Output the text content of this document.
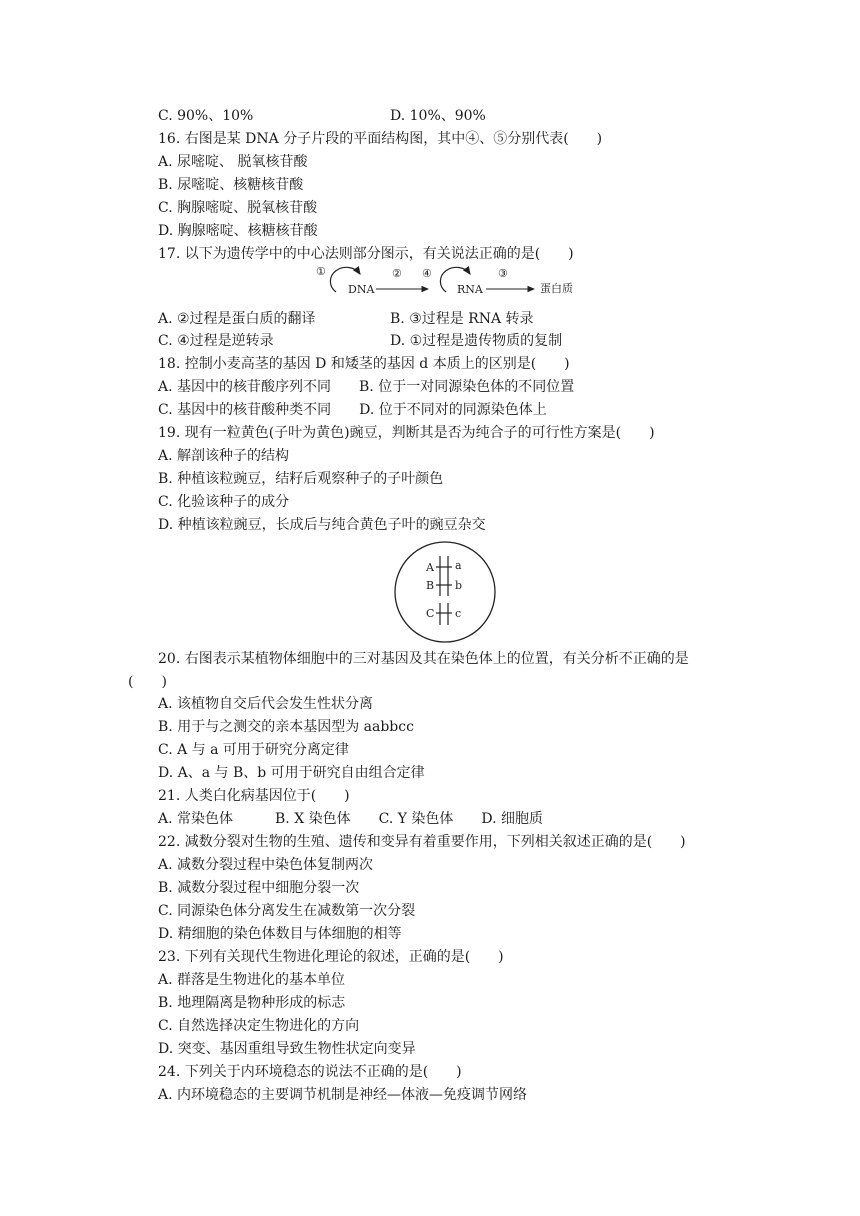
C. 90%、10%	D. 10%、90%
16. 右图是某 DNA 分子片段的平面结构图，其中④、⑤分别代表(　　)
A. 尿嘧啶、 脱氧核苷酸
B. 尿嘧啶、核糖核苷酸
C. 胸腺嘧啶、脱氧核苷酸
D. 胸腺嘧啶、核糖核苷酸
17. 以下为遗传学中的中心法则部分图示，有关说法正确的是(　　)
①
DNA
② ④
RNA
③
蛋白质
A. ②过程是蛋白质的翻译	B. ③过程是 RNA 转录
C. ④过程是逆转录	D. ①过程是遗传物质的复制
18. 控制小麦高茎的基因 D 和矮茎的基因 d 本质上的区别是(　　)
A. 基因中的核苷酸序列不同　　B. 位于一对同源染色体的不同位置
C. 基因中的核苷酸种类不同　　D. 位于不同对的同源染色体上
19. 现有一粒黄色(子叶为黄色)豌豆，判断其是否为纯合子的可行性方案是(　　)
A. 解剖该种子的结构
B. 种植该粒豌豆，结籽后观察种子的子叶颜色
C. 化验该种子的成分
D. 种植该粒豌豆，长成后与纯合黄色子叶的豌豆杂交
A a
B b
C c
20. 右图表示某植物体细胞中的三对基因及其在染色体上的位置，有关分析不正确的是
(　　)
A. 该植物自交后代会发生性状分离
B. 用于与之测交的亲本基因型为 aabbcc
C. A 与 a 可用于研究分离定律
D. A、a 与 B、b 可用于研究自由组合定律
21. 人类白化病基因位于(　　)
A. 常染色体　　　B. X 染色体　　C. Y 染色体　　D. 细胞质
22. 减数分裂对生物的生殖、遗传和变异有着重要作用，下列相关叙述正确的是(　　)
A. 减数分裂过程中染色体复制两次
B. 减数分裂过程中细胞分裂一次
C. 同源染色体分离发生在减数第一次分裂
D. 精细胞的染色体数目与体细胞的相等
23. 下列有关现代生物进化理论的叙述，正确的是(　　)
A. 群落是生物进化的基本单位
B. 地理隔离是物种形成的标志
C. 自然选择决定生物进化的方向
D. 突变、基因重组导致生物性状定向变异
24. 下列关于内环境稳态的说法不正确的是(　　)
A. 内环境稳态的主要调节机制是神经—体液—免疫调节网络
